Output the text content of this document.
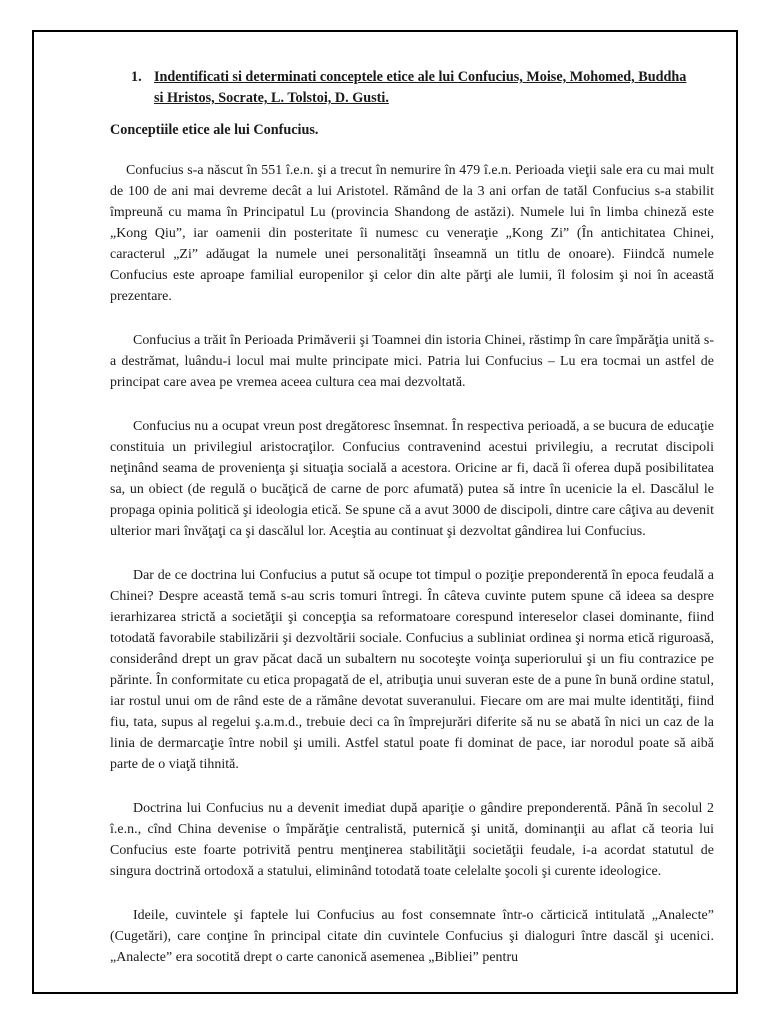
1. Indentificati si determinati conceptele etice ale lui Confucius, Moise, Mohomed, Buddha si Hristos, Socrate, L. Tolstoi, D. Gusti.
Conceptiile etice ale lui Confucius.

Confucius s-a născut în 551 î.e.n. şi a trecut în nemurire în 479 î.e.n. Perioada vieţii sale era cu mai mult de 100 de ani mai devreme decât a lui Aristotel. Rămând de la 3 ani orfan de tatăl Confucius s-a stabilit împreună cu mama în Principatul Lu (provincia Shandong de astăzi). Numele lui în limba chineză este „Kong Qiu”, iar oamenii din posteritate îi numesc cu veneraţie „Kong Zi” (În antichitatea Chinei, caracterul „Zi” adăugat la numele unei personalităţi înseamnă un titlu de onoare). Fiindcă numele Confucius este aproape familial europenilor şi celor din alte părţi ale lumii, îl folosim şi noi în această prezentare.

Confucius a trăit în Perioada Primăverii şi Toamnei din istoria Chinei, răstimp în care împărăţia unită s-a destrămat, luându-i locul mai multe principate mici. Patria lui Confucius – Lu era tocmai un astfel de principat care avea pe vremea aceea cultura cea mai dezvoltată.

Confucius nu a ocupat vreun post dregătoresc însemnat. În respectiva perioadă, a se bucura de educaţie constituia un privilegiul aristocraţilor. Confucius contravenind acestui privilegiu, a recrutat discipoli neţinând seama de provenienţa şi situaţia socială a acestora. Oricine ar fi, dacă îi oferea după posibilitatea sa, un obiect (de regulă o bucăţică de carne de porc afumată) putea să intre în ucenicie la el. Dascălul le propaga opinia politică şi ideologia etică. Se spune că a avut 3000 de discipoli, dintre care câţiva au devenit ulterior mari învăţaţi ca şi dascălul lor. Aceştia au continuat şi dezvoltat gândirea lui Confucius.

Dar de ce doctrina lui Confucius a putut să ocupe tot timpul o poziţie preponderentă în epoca feudală a Chinei? Despre această temă s-au scris tomuri întregi. În câteva cuvinte putem spune că ideea sa despre ierarhizarea strictă a societăţii şi concepţia sa reformatoare corespund intereselor clasei dominante, fiind totodată favorabile stabilizării şi dezvoltării sociale. Confucius a subliniat ordinea şi norma etică riguroasă, considerând drept un grav păcat dacă un subaltern nu socoteşte voinţa superiorului şi un fiu contrazice pe părinte. În conformitate cu etica propagată de el, atribuţia unui suveran este de a pune în bună ordine statul, iar rostul unui om de rând este de a rămâne devotat suveranului. Fiecare om are mai multe identităţi, fiind fiu, tata, supus al regelui ş.a.m.d., trebuie deci ca în împrejurări diferite să nu se abată în nici un caz de la linia de dermarcaţie între nobil şi umili. Astfel statul poate fi dominat de pace, iar norodul poate să aibă parte de o viaţă tihnită.

Doctrina lui Confucius nu a devenit imediat după apariţie o gândire preponderentă. Până în secolul 2 î.e.n., cînd China devenise o împărăţie centralistă, puternică şi unită, dominanţii au aflat că teoria lui Confucius este foarte potrivită pentru menţinerea stabilităţii societăţii feudale, i-a acordat statutul de singura doctrină ortodoxă a statului, eliminând totodată toate celelalte şocoli şi curente ideologice.

Ideile, cuvintele şi faptele lui Confucius au fost consemnate într-o cărticică intitulată „Analecte” (Cugetări), care conţine în principal citate din cuvintele Confucius şi dialoguri între dascăl şi ucenici. „Analecte” era socotită drept o carte canonică asemenea „Bibliei” pentru
